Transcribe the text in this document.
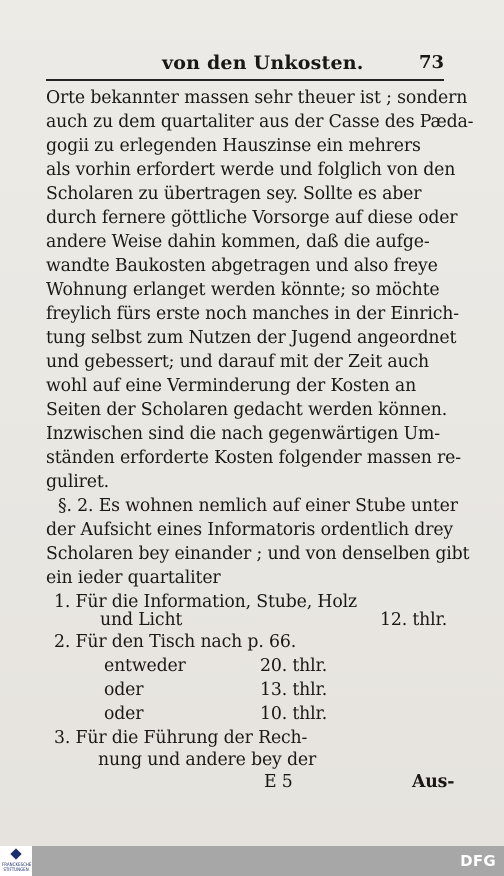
von den Unkosten.	73
Orte bekannter massen sehr theuer ist ; sondern
auch zu dem quartaliter aus der Casse des Pæda-
gogii zu erlegenden Hauszinse ein mehrers
als vorhin erfordert werde und folglich von den
Scholaren zu übertragen sey. Sollte es aber
durch fernere göttliche Vorsorge auf diese oder
andere Weise dahin kommen, daß die aufge-
wandte Baukosten abgetragen und also freye
Wohnung erlanget werden könnte; so möchte
freylich fürs erste noch manches in der Einrich-
tung selbst zum Nutzen der Jugend angeordnet
und gebessert; und darauf mit der Zeit auch
wohl auf eine Verminderung der Kosten an
Seiten der Scholaren gedacht werden können.
Inzwischen sind die nach gegenwärtigen Um-
ständen erforderte Kosten folgender massen re-
guliret.
§. 2. Es wohnen nemlich auf einer Stube unter
der Aufsicht eines Informatoris ordentlich drey
Scholaren bey einander ; und von denselben gibt
ein ieder quartaliter
1. Für die Information, Stube, Holz
und Licht        	12. thlr.
2. Für den Tisch nach p. 66.
entweder	20. thlr.
oder	13. thlr.
oder	10. thlr.
3. Für die Führung der Rech-
nung und andere bey der
E 5	Aus-
FRANCKESCHE STIFTUNGEN	DFG
